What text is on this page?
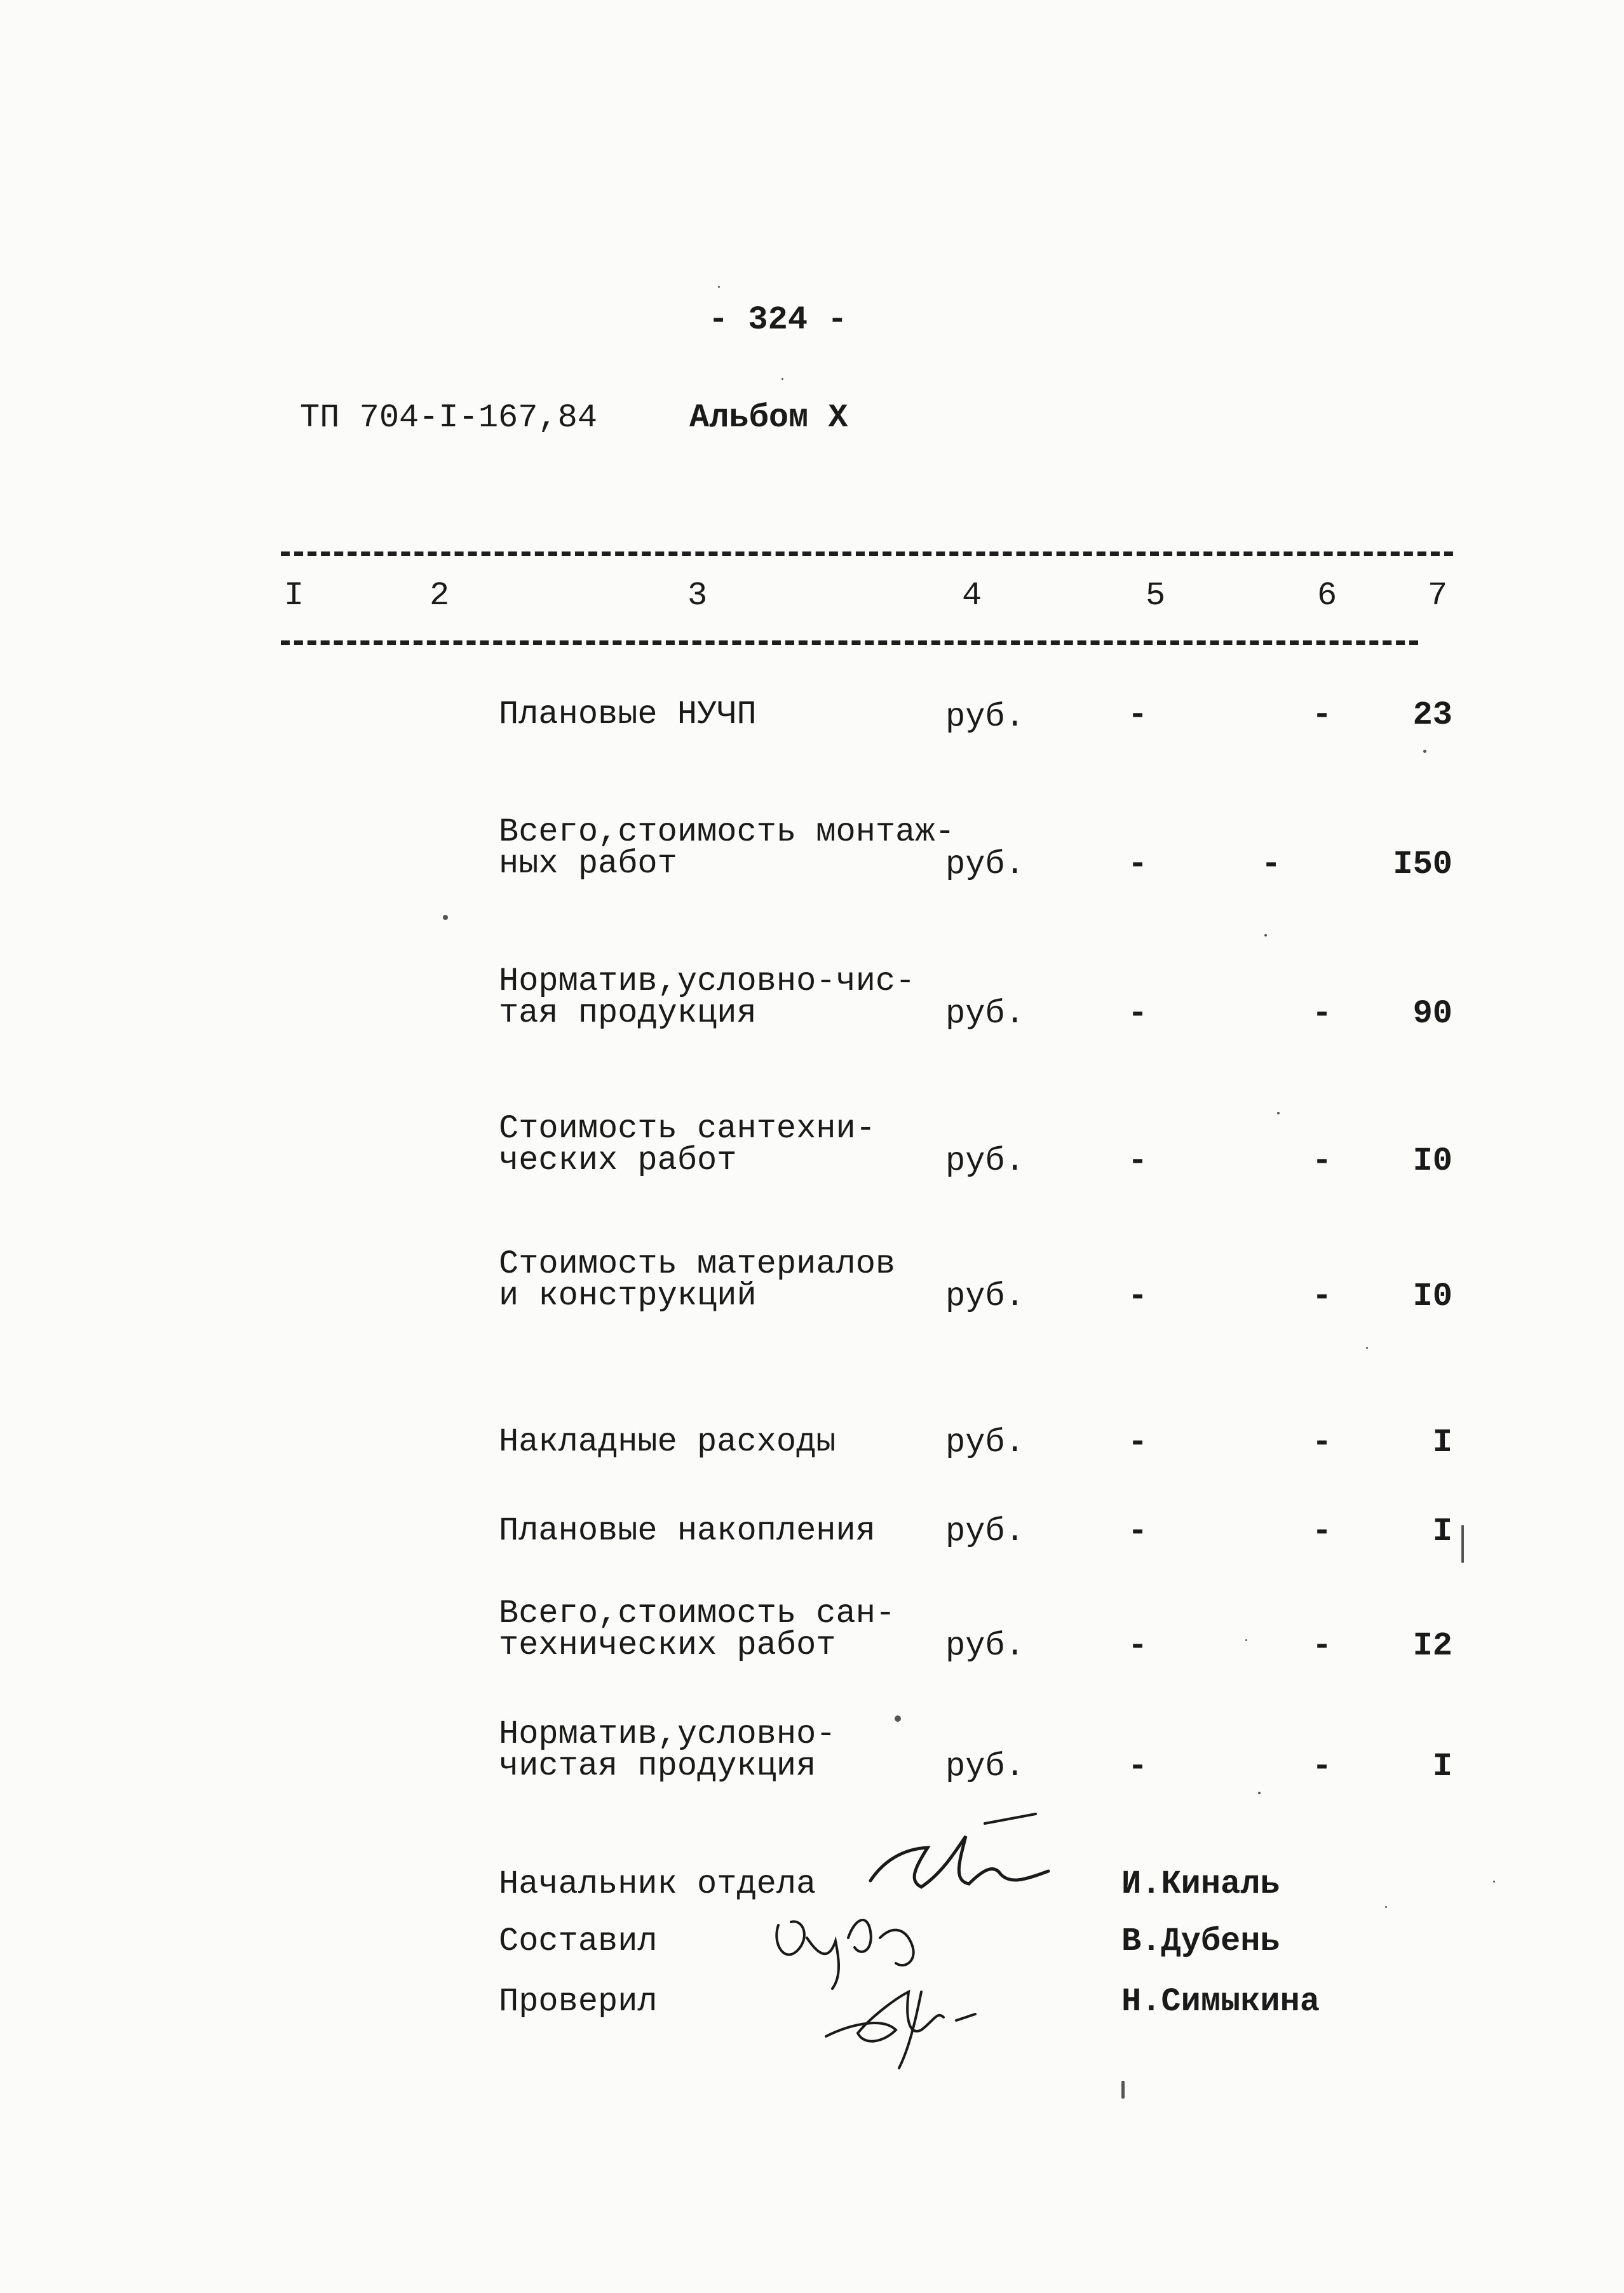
- 324 -
ТП 704-I-167,84	Альбом X
I	2	3	4	5	6	7
Плановые НУЧП	руб.	-	- 23
Всего,стоимость монтаж-
ных работ	руб.	-	-	I50
Норматив,условно-чис-
тая продукция	руб.	-	- 90
Стоимость сантехни-
ческих работ	руб.	-	- I0
Стоимость материалов
и конструкций	руб.	-	- I0
Накладные расходы	руб.	-	-	I
Плановые накопления руб.	-	-	I
Всего,стоимость сан-
технических работ	руб.	-	- I2
Норматив,условно-
чистая продукция	руб.	-	-	I
Начальник отдела	И.Киналь
Составил	В.Дубень
Проверил	Н.Симыкина
